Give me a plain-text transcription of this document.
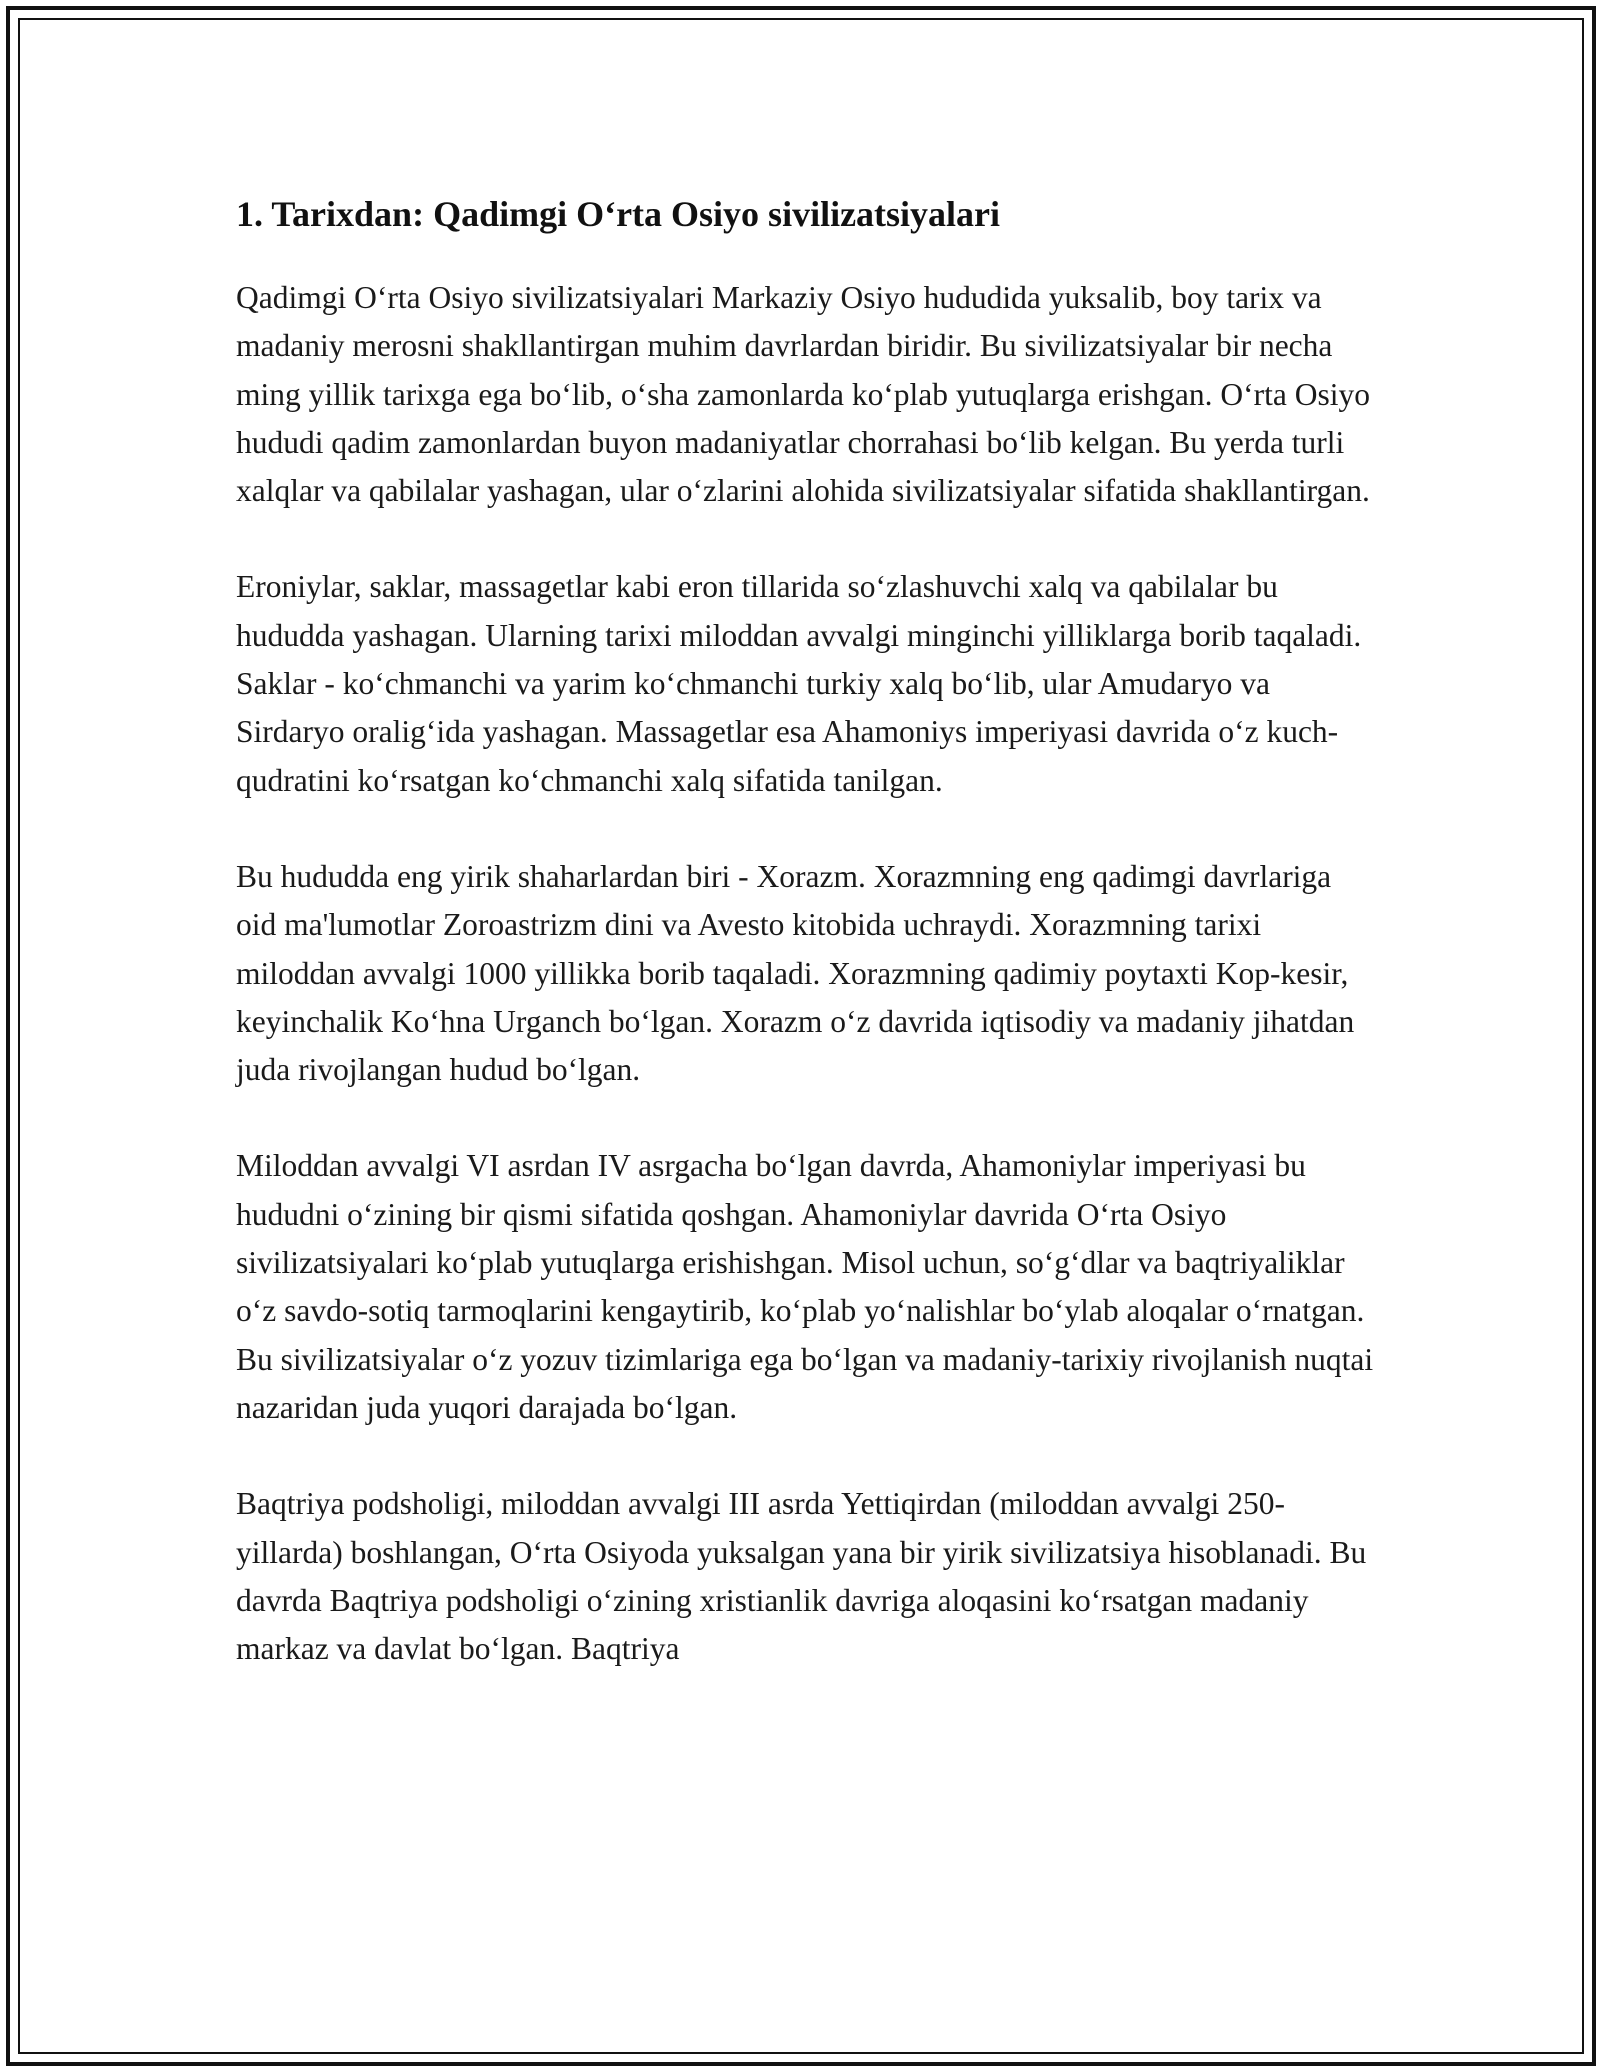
1. Tarixdan: Qadimgi O‘rta Osiyo sivilizatsiyalari

Qadimgi O‘rta Osiyo sivilizatsiyalari Markaziy Osiyo hududida yuksalib, boy tarix va madaniy merosni shakllantirgan muhim davrlardan biridir. Bu sivilizatsiyalar bir necha ming yillik tarixga ega bo‘lib, o‘sha zamonlarda ko‘plab yutuqlarga erishgan. O‘rta Osiyo hududi qadim zamonlardan buyon madaniyatlar chorrahasi bo‘lib kelgan. Bu yerda turli xalqlar va qabilalar yashagan, ular o‘zlarini alohida sivilizatsiyalar sifatida shakllantirgan.

Eroniylar, saklar, massagetlar kabi eron tillarida so‘zlashuvchi xalq va qabilalar bu hududda yashagan. Ularning tarixi miloddan avvalgi minginchi yilliklarga borib taqaladi. Saklar - ko‘chmanchi va yarim ko‘chmanchi turkiy xalq bo‘lib, ular Amudaryo va Sirdaryo oralig‘ida yashagan. Massagetlar esa Ahamoniys imperiyasi davrida o‘z kuch-qudratini ko‘rsatgan ko‘chmanchi xalq sifatida tanilgan.

Bu hududda eng yirik shaharlardan biri - Xorazm. Xorazmning eng qadimgi davrlariga oid ma'lumotlar Zoroastrizm dini va Avesto kitobida uchraydi. Xorazmning tarixi miloddan avvalgi 1000 yillikka borib taqaladi. Xorazmning qadimiy poytaxti Kop-kesir, keyinchalik Ko‘hna Urganch bo‘lgan. Xorazm o‘z davrida iqtisodiy va madaniy jihatdan juda rivojlangan hudud bo‘lgan.

Miloddan avvalgi VI asrdan IV asrgacha bo‘lgan davrda, Ahamoniylar imperiyasi bu hududni o‘zining bir qismi sifatida qoshgan. Ahamoniylar davrida O‘rta Osiyo sivilizatsiyalari ko‘plab yutuqlarga erishishgan. Misol uchun, so‘g‘dlar va baqtriyaliklar o‘z savdo-sotiq tarmoqlarini kengaytirib, ko‘plab yo‘nalishlar bo‘ylab aloqalar o‘rnatgan. Bu sivilizatsiyalar o‘z yozuv tizimlariga ega bo‘lgan va madaniy-tarixiy rivojlanish nuqtai nazaridan juda yuqori darajada bo‘lgan.

Baqtriya podsholigi, miloddan avvalgi III asrda Yettiqirdan (miloddan avvalgi 250-yillarda) boshlangan, O‘rta Osiyoda yuksalgan yana bir yirik sivilizatsiya hisoblanadi. Bu davrda Baqtriya podsholigi o‘zining xristianlik davriga aloqasini ko‘rsatgan madaniy markaz va davlat bo‘lgan. Baqtriya
